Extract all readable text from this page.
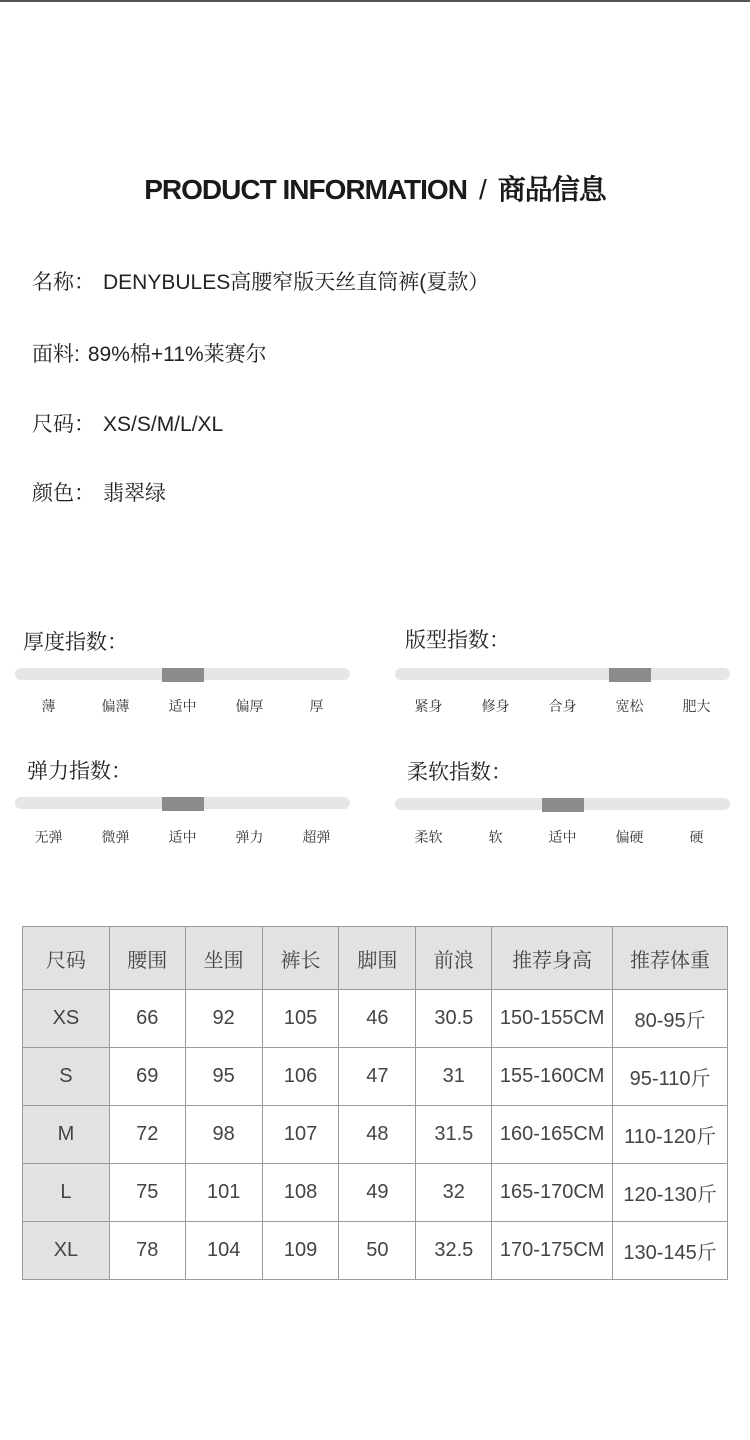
PRODUCT INFORMATION / 商品信息
名称： DENYBULES高腰窄版天丝直筒裤(夏款）
面料: 89%棉+11%莱赛尔
尺码： XS/S/M/L/XL
颜色： 翡翠绿
厚度指数：
薄	偏薄	适中	偏厚	厚
版型指数：
紧身	修身	合身	宽松	肥大
弹力指数：
无弹	微弹	适中	弹力	超弹
柔软指数：
柔软	软	适中	偏硬	硬
尺码	腰围	坐围	裤长	脚围	前浪	推荐身高	推荐体重
XS	66	92	105	46	30.5	150-155CM	80-95斤
S	69	95	106	47	31	155-160CM	95-110斤
M	72	98	107	48	31.5	160-165CM	110-120斤
L	75	101	108	49	32	165-170CM	120-130斤
XL	78	104	109	50	32.5	170-175CM	130-145斤
